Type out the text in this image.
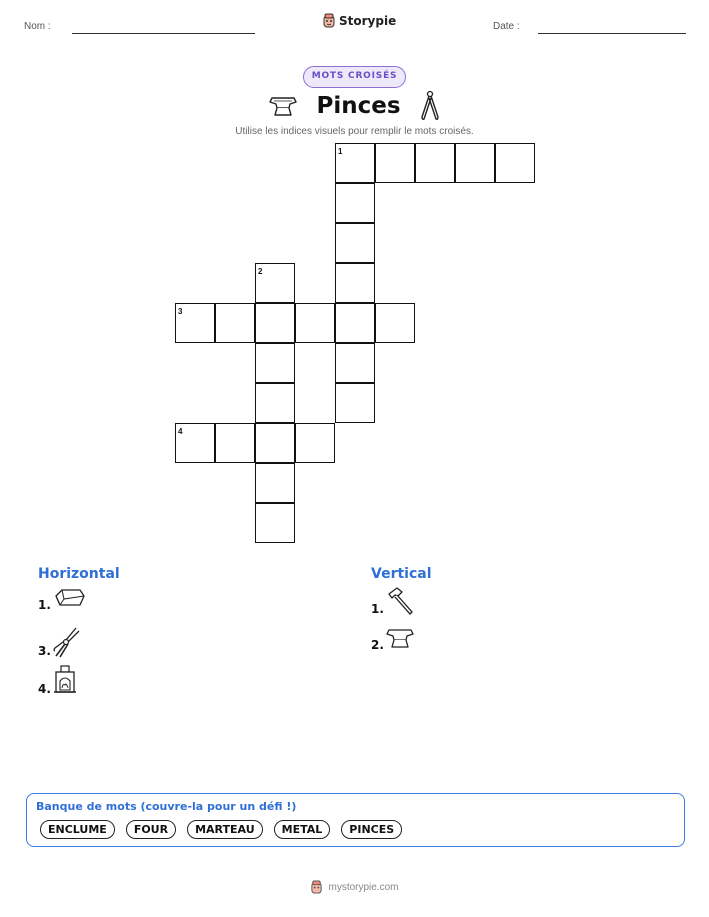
Nom :	Storypie	Date :
MOTS CROISÉS
Pinces
Utilise les indices visuels pour remplir le mots croisés.
1
2
3
4
Horizontal
1.
3.
4.
Vertical
1.
2.
Banque de mots (couvre-la pour un défi !)
ENCLUME	FOUR	MARTEAU	METAL	PINCES
mystorypie.com
